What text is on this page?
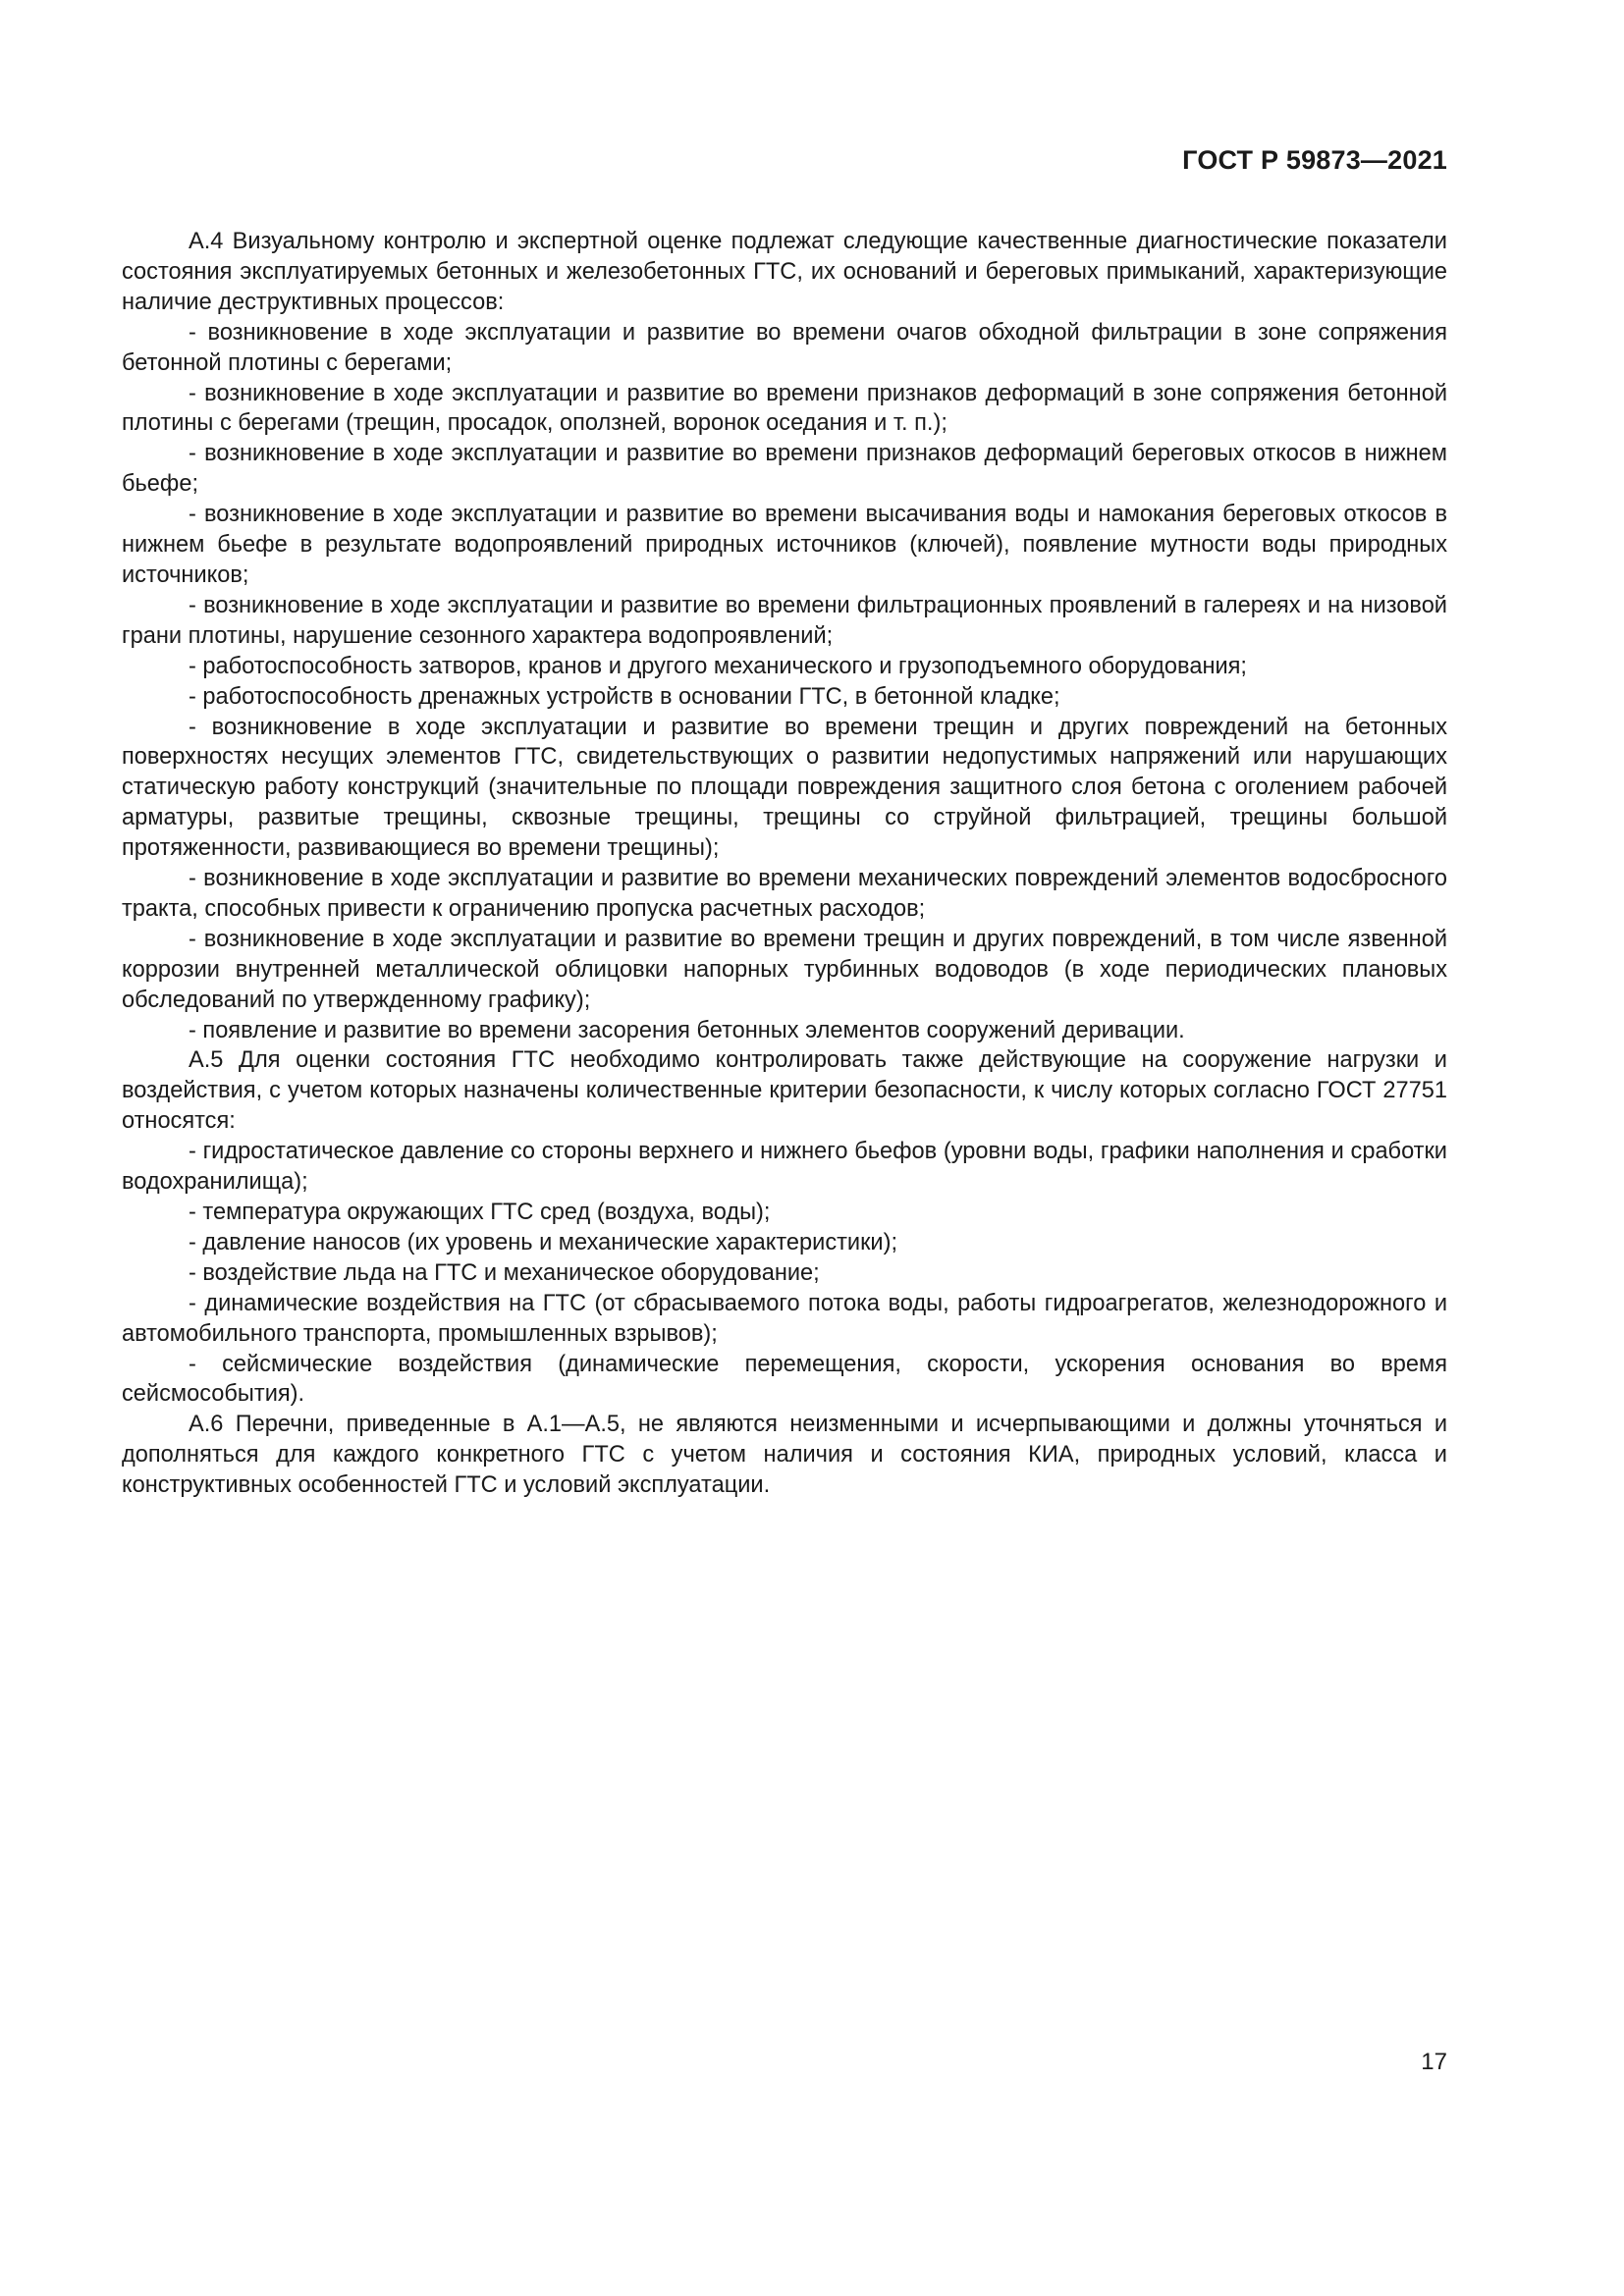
ГОСТ Р 59873—2021

А.4 Визуальному контролю и экспертной оценке подлежат следующие качественные диагностические показатели состояния эксплуатируемых бетонных и железобетонных ГТС, их оснований и береговых примыканий, характеризующие наличие деструктивных процессов:

- возникновение в ходе эксплуатации и развитие во времени очагов обходной фильтрации в зоне сопряжения бетонной плотины с берегами;

- возникновение в ходе эксплуатации и развитие во времени признаков деформаций в зоне сопряжения бетонной плотины с берегами (трещин, просадок, оползней, воронок оседания и т. п.);

- возникновение в ходе эксплуатации и развитие во времени признаков деформаций береговых откосов в нижнем бьефе;

- возникновение в ходе эксплуатации и развитие во времени высачивания воды и намокания береговых откосов в нижнем бьефе в результате водопроявлений природных источников (ключей), появление мутности воды природных источников;

- возникновение в ходе эксплуатации и развитие во времени фильтрационных проявлений в галереях и на низовой грани плотины, нарушение сезонного характера водопроявлений;

- работоспособность затворов, кранов и другого механического и грузоподъемного оборудования;

- работоспособность дренажных устройств в основании ГТС, в бетонной кладке;

- возникновение в ходе эксплуатации и развитие во времени трещин и других повреждений на бетонных поверхностях несущих элементов ГТС, свидетельствующих о развитии недопустимых напряжений или нарушающих статическую работу конструкций (значительные по площади повреждения защитного слоя бетона с оголением рабочей арматуры, развитые трещины, сквозные трещины, трещины со струйной фильтрацией, трещины большой протяженности, развивающиеся во времени трещины);

- возникновение в ходе эксплуатации и развитие во времени механических повреждений элементов водосбросного тракта, способных привести к ограничению пропуска расчетных расходов;

- возникновение в ходе эксплуатации и развитие во времени трещин и других повреждений, в том числе язвенной коррозии внутренней металлической облицовки напорных турбинных водоводов (в ходе периодических плановых обследований по утвержденному графику);

- появление и развитие во времени засорения бетонных элементов сооружений деривации.

А.5 Для оценки состояния ГТС необходимо контролировать также действующие на сооружение нагрузки и воздействия, с учетом которых назначены количественные критерии безопасности, к числу которых согласно ГОСТ 27751 относятся:

- гидростатическое давление со стороны верхнего и нижнего бьефов (уровни воды, графики наполнения и сработки водохранилища);

- температура окружающих ГТС сред (воздуха, воды);

- давление наносов (их уровень и механические характеристики);

- воздействие льда на ГТС и механическое оборудование;

- динамические воздействия на ГТС (от сбрасываемого потока воды, работы гидроагрегатов, железнодорожного и автомобильного транспорта, промышленных взрывов);

- сейсмические воздействия (динамические перемещения, скорости, ускорения основания во время сейсмособытия).

А.6 Перечни, приведенные в А.1—А.5, не являются неизменными и исчерпывающими и должны уточняться и дополняться для каждого конкретного ГТС с учетом наличия и состояния КИА, природных условий, класса и конструктивных особенностей ГТС и условий эксплуатации.

17
